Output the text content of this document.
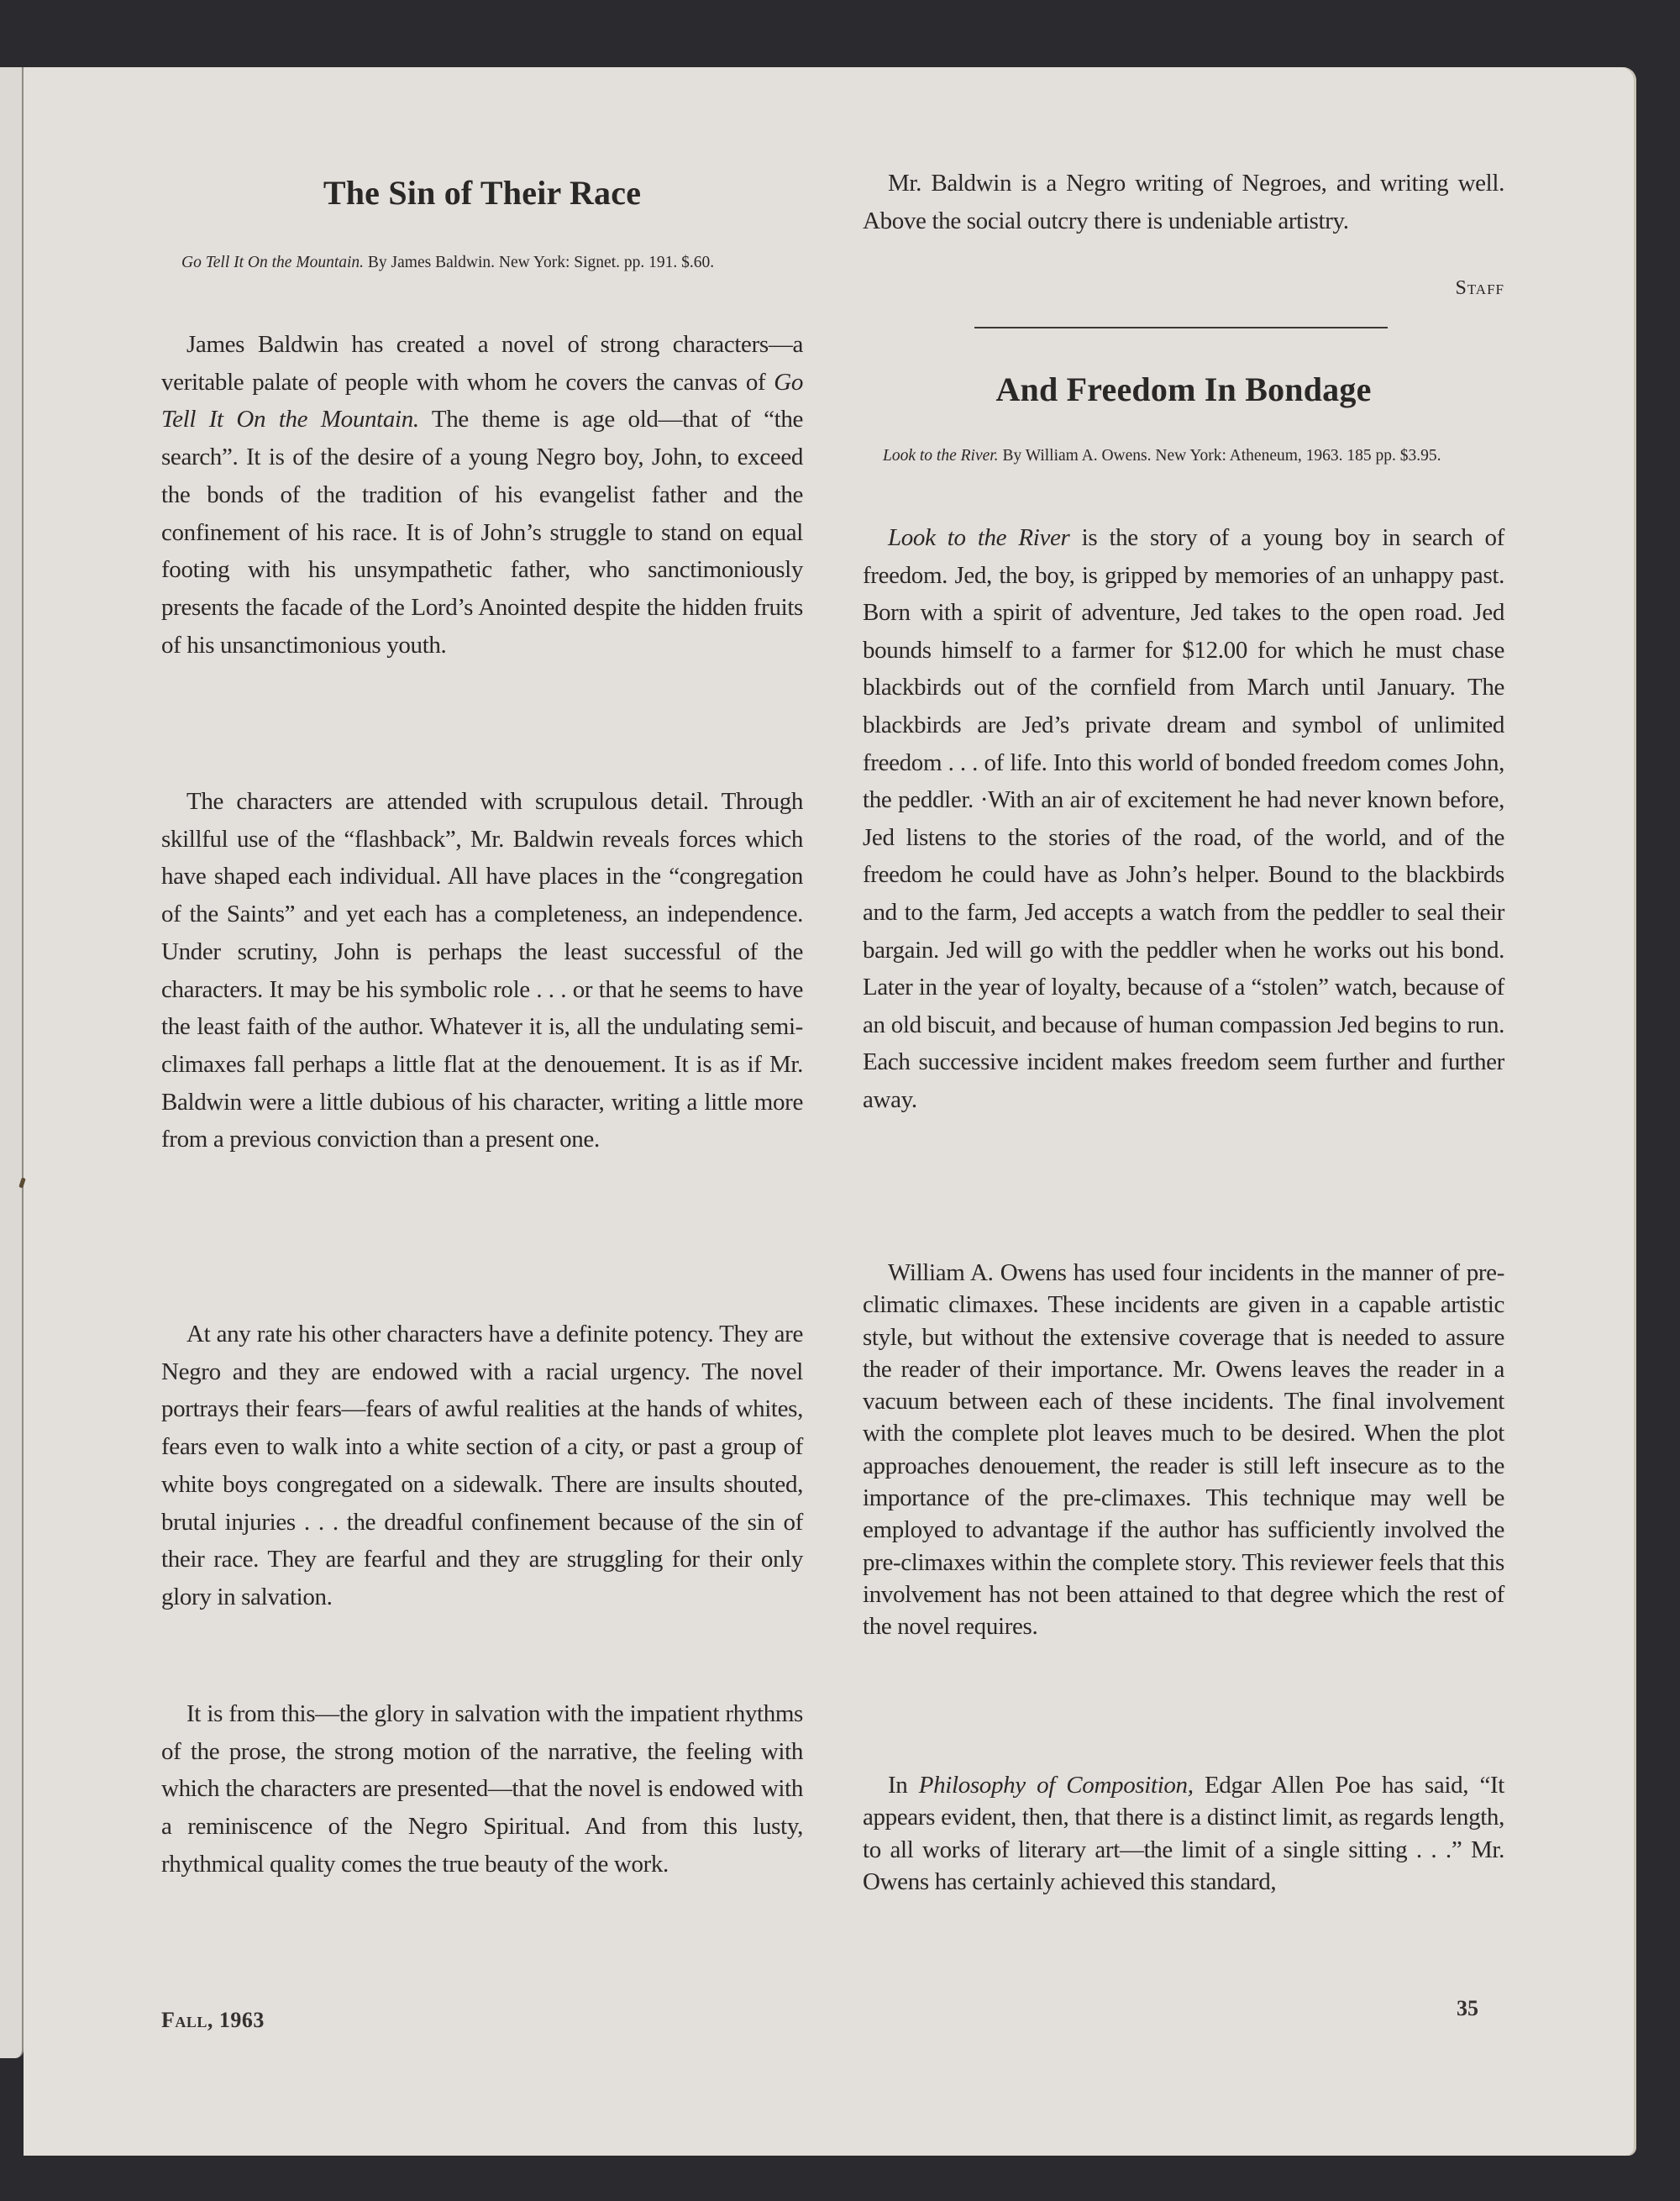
The Sin of Their Race

Go Tell It On the Mountain. By James Baldwin. New York: Signet. pp. 191. $.60.

James Baldwin has created a novel of strong characters—a veritable palate of people with whom he covers the canvas of Go Tell It On the Mountain. The theme is age old—that of “the search”. It is of the desire of a young Negro boy, John, to exceed the bonds of the tradition of his evangelist father and the confinement of his race. It is of John’s struggle to stand on equal footing with his unsympathetic father, who sanctimoniously presents the facade of the Lord’s Anointed despite the hidden fruits of his unsanctimonious youth.

The characters are attended with scrupulous detail. Through skillful use of the “flashback”, Mr. Baldwin reveals forces which have shaped each individual. All have places in the “congregation of the Saints” and yet each has a completeness, an independence. Under scrutiny, John is perhaps the least successful of the characters. It may be his symbolic role . . . or that he seems to have the least faith of the author. Whatever it is, all the undulating semi-climaxes fall perhaps a little flat at the denouement. It is as if Mr. Baldwin were a little dubious of his character, writing a little more from a previous conviction than a present one.

At any rate his other characters have a definite potency. They are Negro and they are endowed with a racial urgency. The novel portrays their fears—fears of awful realities at the hands of whites, fears even to walk into a white section of a city, or past a group of white boys congregated on a sidewalk. There are insults shouted, brutal injuries . . . the dreadful confinement because of the sin of their race. They are fearful and they are struggling for their only glory in salvation.

It is from this—the glory in salvation with the impatient rhythms of the prose, the strong motion of the narrative, the feeling with which the characters are presented—that the novel is endowed with a reminiscence of the Negro Spiritual. And from this lusty, rhythmical quality comes the true beauty of the work.

Mr. Baldwin is a Negro writing of Negroes, and writing well. Above the social outcry there is undeniable artistry.

Staff
And Freedom In Bondage

Look to the River. By William A. Owens. New York: Atheneum, 1963. 185 pp. $3.95.

Look to the River is the story of a young boy in search of freedom. Jed, the boy, is gripped by memories of an unhappy past. Born with a spirit of adventure, Jed takes to the open road. Jed bounds himself to a farmer for $12.00 for which he must chase blackbirds out of the cornfield from March until January. The blackbirds are Jed’s private dream and symbol of unlimited freedom . . . of life. Into this world of bonded freedom comes John, the peddler. ·With an air of excitement he had never known before, Jed listens to the stories of the road, of the world, and of the freedom he could have as John’s helper. Bound to the blackbirds and to the farm, Jed accepts a watch from the peddler to seal their bargain. Jed will go with the peddler when he works out his bond. Later in the year of loyalty, because of a “stolen” watch, because of an old biscuit, and because of human compassion Jed begins to run. Each successive incident makes freedom seem further and further away.

William A. Owens has used four incidents in the manner of pre-climatic climaxes. These incidents are given in a capable artistic style, but without the extensive coverage that is needed to assure the reader of their importance. Mr. Owens leaves the reader in a vacuum between each of these incidents. The final involvement with the complete plot leaves much to be desired. When the plot approaches denouement, the reader is still left insecure as to the importance of the pre-climaxes. This technique may well be employed to advantage if the author has sufficiently involved the pre-climaxes within the complete story. This reviewer feels that this involvement has not been attained to that degree which the rest of the novel requires.

In Philosophy of Composition, Edgar Allen Poe has said, “It appears evident, then, that there is a distinct limit, as regards length, to all works of literary art—the limit of a single sitting . . .” Mr. Owens has certainly achieved this standard,

Fall, 1963	35
